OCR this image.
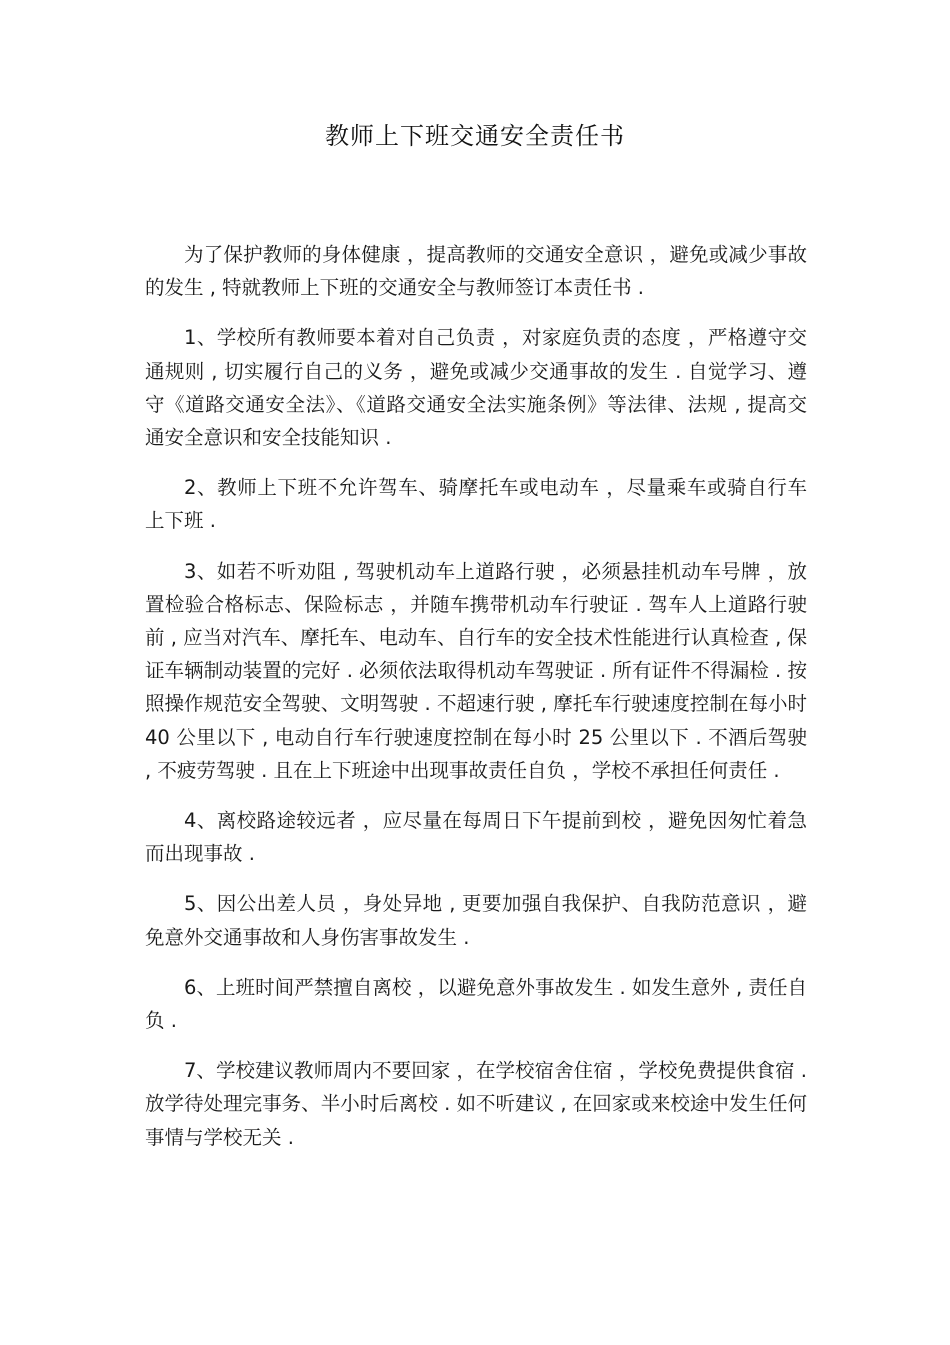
教师上下班交通安全责任书

为了保护教师的身体健康 ，提高教师的交通安全意识 ，避免或减少事故的发生 , 特就教师上下班的交通安全与教师签订本责任书 .

1、学校所有教师要本着对自己负责 ，对家庭负责的态度 ，严格遵守交通规则 , 切实履行自己的义务 ，避免或减少交通事故的发生 . 自觉学习、遵守《道路交通安全法》、《道路交通安全法实施条例》等法律、法规 , 提高交通安全意识和安全技能知识 .

2、教师上下班不允许驾车、骑摩托车或电动车 ，尽量乘车或骑自行车上下班 .

3、如若不听劝阻 , 驾驶机动车上道路行驶 ，必须悬挂机动车号牌 ，放置检验合格标志、保险标志 ，并随车携带机动车行驶证 . 驾车人上道路行驶前 , 应当对汽车、摩托车、电动车、自行车的安全技术性能进行认真检查 , 保证车辆制动装置的完好 . 必须依法取得机动车驾驶证 . 所有证件不得漏检 . 按照操作规范安全驾驶、文明驾驶 . 不超速行驶 , 摩托车行驶速度控制在每小时 40 公里以下 , 电动自行车行驶速度控制在每小时 25 公里以下 . 不酒后驾驶 , 不疲劳驾驶 . 且在上下班途中出现事故责任自负 ，学校不承担任何责任 .

4、离校路途较远者 ，应尽量在每周日下午提前到校 ，避免因匆忙着急而出现事故 .

5、因公出差人员 ，身处异地 , 更要加强自我保护、自我防范意识 ，避免意外交通事故和人身伤害事故发生 .

6、上班时间严禁擅自离校 ，以避免意外事故发生 . 如发生意外 , 责任自负 .

7、学校建议教师周内不要回家 ，在学校宿舍住宿 ，学校免费提供食宿 . 放学待处理完事务、半小时后离校 . 如不听建议 , 在回家或来校途中发生任何事情与学校无关 .
